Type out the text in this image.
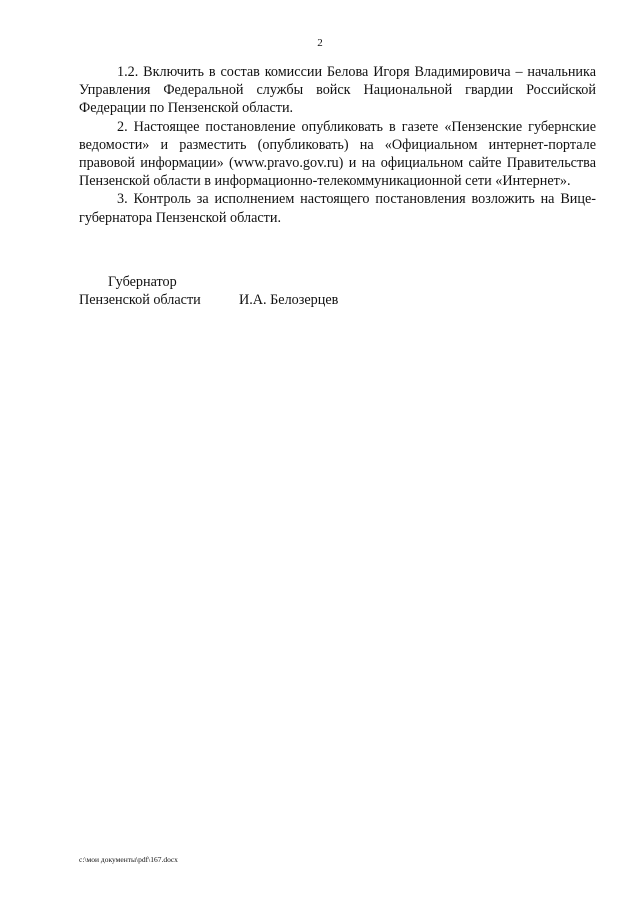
2

1.2. Включить в состав комиссии Белова Игоря Владимировича – начальника Управления Федеральной службы войск Национальной гвардии Российской Федерации по Пензенской области.

2. Настоящее постановление опубликовать в газете «Пензенские губернские ведомости» и разместить (опубликовать) на «Официальном интернет-портале правовой информации» (www.pravo.gov.ru) и на официальном сайте Правительства Пензенской области в информационно-телекоммуникационной сети «Интернет».

3. Контроль за исполнением настоящего постановления возложить на Вице-губернатора Пензенской области.

Губернатор
Пензенской области	И.А. Белозерцев
c:\мои документы\pdf\167.docx
